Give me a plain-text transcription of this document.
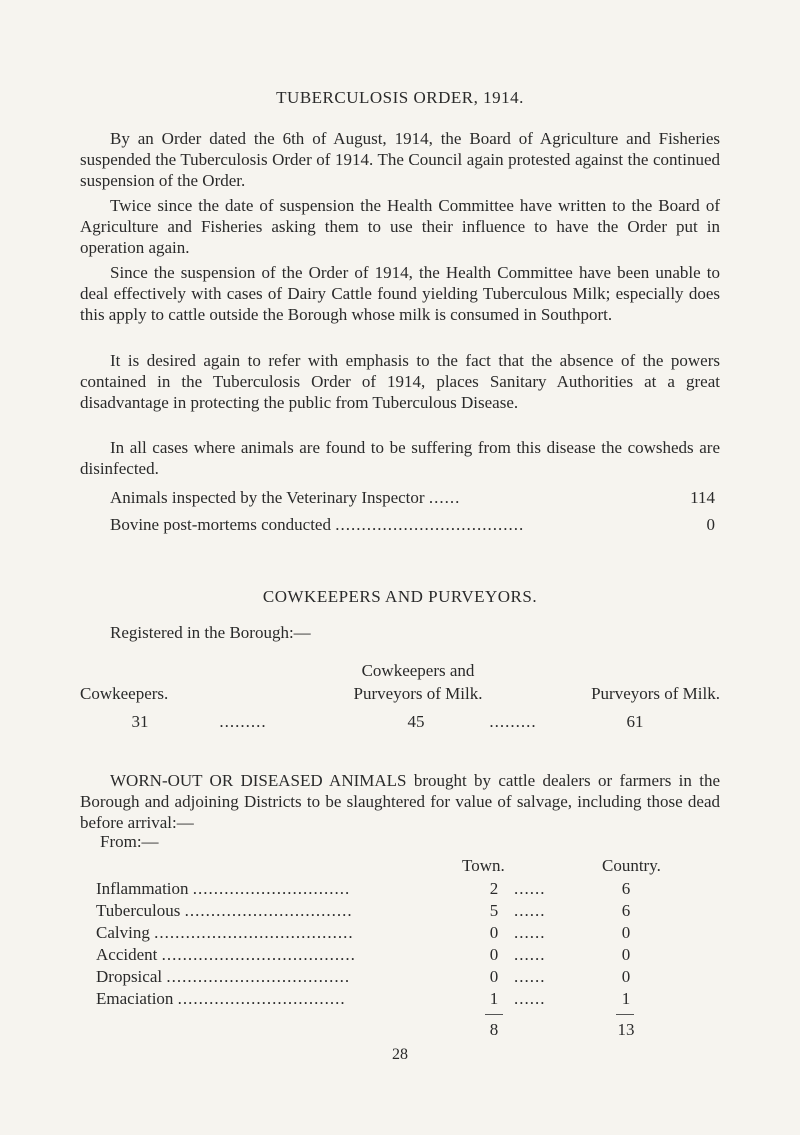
TUBERCULOSIS ORDER, 1914.

By an Order dated the 6th of August, 1914, the Board of Agriculture and Fisheries suspended the Tuberculosis Order of 1914. The Council again protested against the continued suspension of the Order.

Twice since the date of suspension the Health Committee have written to the Board of Agriculture and Fisheries asking them to use their influence to have the Order put in operation again.

Since the suspension of the Order of 1914, the Health Committee have been unable to deal effectively with cases of Dairy Cattle found yielding Tuberculous Milk; especially does this apply to cattle outside the Borough whose milk is consumed in Southport.

It is desired again to refer with emphasis to the fact that the absence of the powers contained in the Tuberculosis Order of 1914, places Sanitary Authorities at a great disadvantage in protecting the public from Tuberculous Disease.

In all cases where animals are found to be suffering from this disease the cowsheds are disinfected.

Animals inspected by the Veterinary Inspector ......	114
Bovine post-mortems conducted ....................................	0
COWKEEPERS AND PURVEYORS.
Registered in the Borough:—
Cowkeepers and
Cowkeepers.	Purveyors of Milk.	Purveyors of Milk.
31	.........	45	.........	61

WORN-OUT OR DISEASED ANIMALS brought by cattle dealers or farmers in the Borough and adjoining Districts to be slaughtered for value of salvage, including those dead before arrival:—

From:—
Town.	Country.
Inflammation ..............................	2 ......	6
Tuberculous ................................	5 ......	6
Calving ......................................	0 ......	0
Accident .....................................	0 ......	0
Dropsical ...................................	0 ......	0
Emaciation ................................	1 ......	1
8	13
28
